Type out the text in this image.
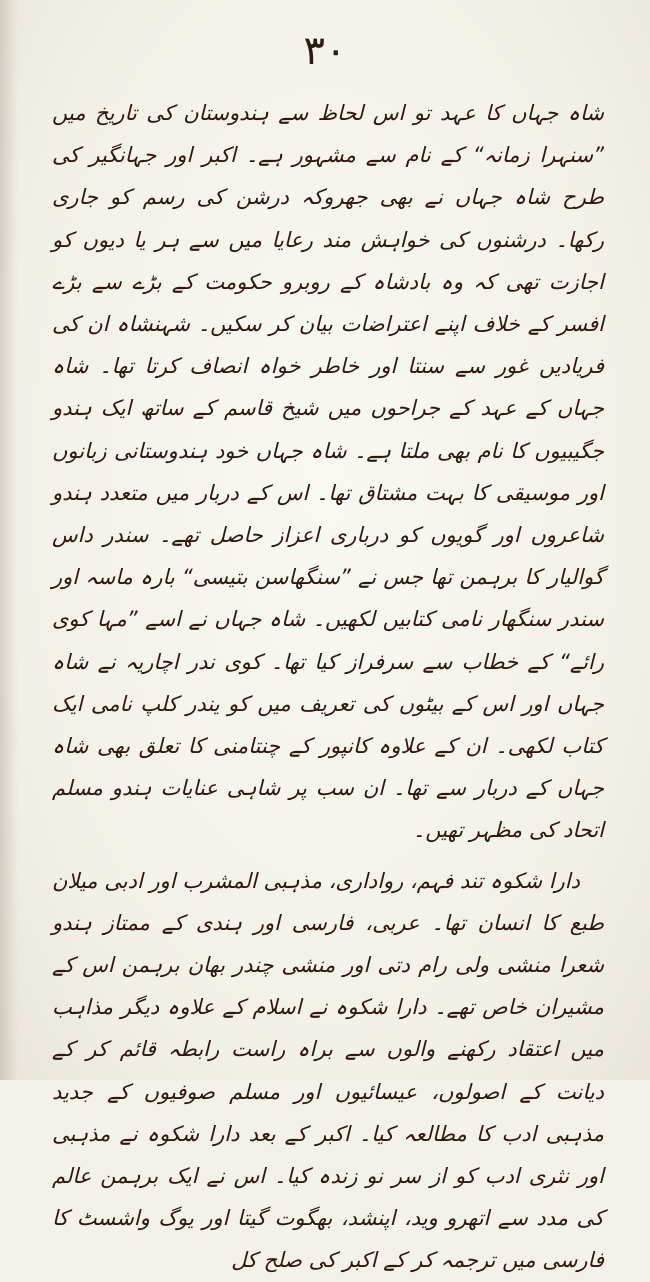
۳۰

شاہ جہاں کا عہد تو اس لحاظ سے ہندوستان کی تاریخ میں ”سنہرا زمانہ“ کے نام سے مشہور ہے۔ اکبر اور جہانگیر کی طرح شاہ جہاں نے بھی جھروکہ درشن کی رسم کو جاری رکھا۔ درشنوں کی خواہش مند رعایا میں سے ہر یا دیوں کو اجازت تھی کہ وہ بادشاہ کے روبرو حکومت کے بڑے سے بڑے افسر کے خلاف اپنے اعتراضات بیان کر سکیں۔ شہنشاہ ان کی فریادیں غور سے سنتا اور خاطر خواہ انصاف کرتا تھا۔ شاہ جہاں کے عہد کے جراحوں میں شیخ قاسم کے ساتھ ایک ہندو جگیبیوں کا نام بھی ملتا ہے۔ شاہ جہاں خود ہندوستانی زبانوں اور موسیقی کا بہت مشتاق تھا۔ اس کے دربار میں متعدد ہندو شاعروں اور گویوں کو درباری اعزاز حاصل تھے۔ سندر داس گوالیار کا برہمن تھا جس نے ”سنگھاسن بتیسی“ بارہ ماسہ اور سندر سنگھار نامی کتابیں لکھیں۔ شاہ جہاں نے اسے ”مہا کوی رائے“ کے خطاب سے سرفراز کیا تھا۔ کوی ندر اچاریہ نے شاہ جہاں اور اس کے بیٹوں کی تعریف میں کو یندر کلپ نامی ایک کتاب لکھی۔ ان کے علاوہ کانپور کے چنتامنی کا تعلق بھی شاہ جہاں کے دربار سے تھا۔ ان سب پر شاہی عنایات ہندو مسلم اتحاد کی مظہر تھیں۔

دارا شکوہ تند فہم، رواداری، مذہبی المشرب اور ادبی میلان طبع کا انسان تھا۔ عربی، فارسی اور ہندی کے ممتاز ہندو شعرا منشی ولی رام دتی اور منشی چندر بھان برہمن اس کے مشیران خاص تھے۔ دارا شکوہ نے اسلام کے علاوہ دیگر مذاہب میں اعتقاد رکھنے والوں سے براہ راست رابطہ قائم کر کے دیانت کے اصولوں، عیسائیوں اور مسلم صوفیوں کے جدید مذہبی ادب کا مطالعہ کیا۔ اکبر کے بعد دارا شکوہ نے مذہبی اور نثری ادب کو از سر نو زندہ کیا۔ اس نے ایک برہمن عالم کی مدد سے اتھرو وید، اپنشد، بھگوت گیتا اور یوگ واشسٹ کا فارسی میں ترجمہ کر کے اکبر کی صلح کل
